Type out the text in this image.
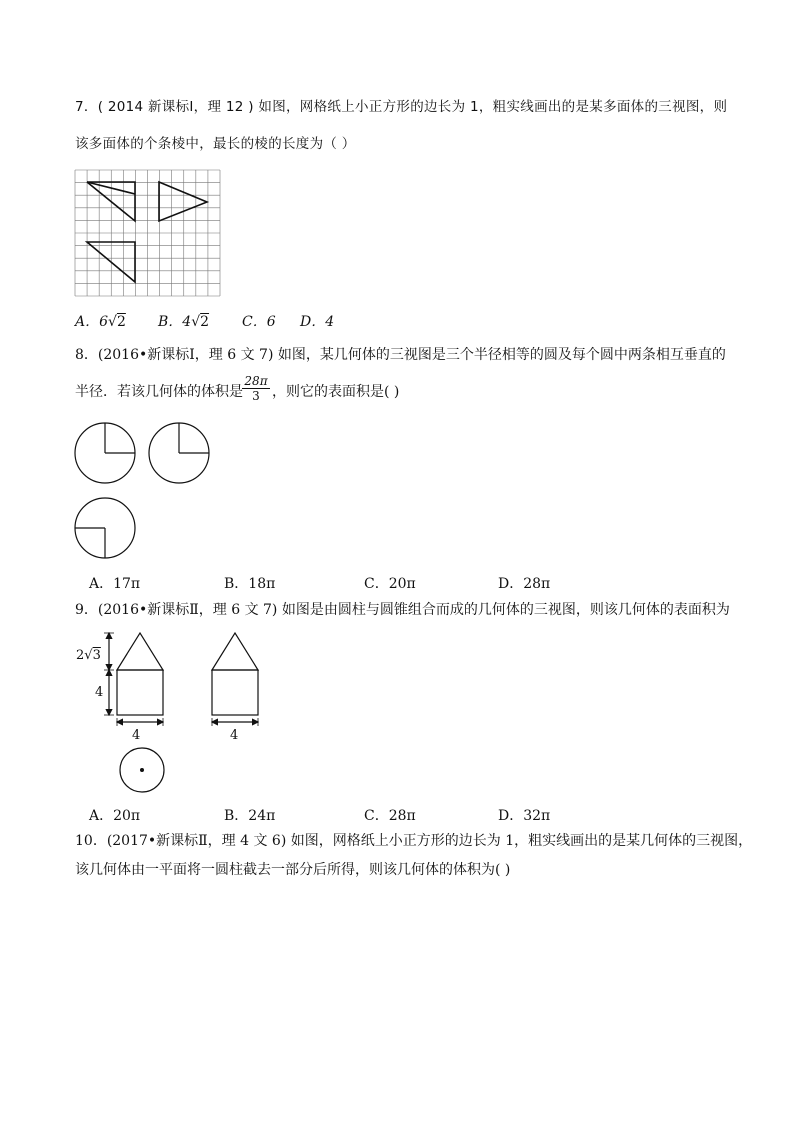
7．( 2014 新课标I，理 12 ) 如图，网格纸上小正方形的边长为 1，粗实线画出的是某多面体的三视图，则
该多面体的个条棱中，最长的棱的长度为（ ）
A．6√2 B．4√2 C．6 D．4
8．(2016•新课标Ⅰ，理 6 文 7) 如图，某几何体的三视图是三个半径相等的圆及每个圆中两条相互垂直的
半径．若该几何体的体积是 $\frac{28\pi}{3}$ ，则它的表面积是( )
A．17π	B．18π	C．20π	D．28π
9．(2016•新课标Ⅱ，理 6 文 7) 如图是由圆柱与圆锥组合而成的几何体的三视图，则该几何体的表面积为
2√3
4
4	4
A．20π	B．24π	C．28π	D．32π
10．(2017•新课标Ⅱ，理 4 文 6) 如图，网格纸上小正方形的边长为 1，粗实线画出的是某几何体的三视图，
该几何体由一平面将一圆柱截去一部分后所得，则该几何体的体积为( )
